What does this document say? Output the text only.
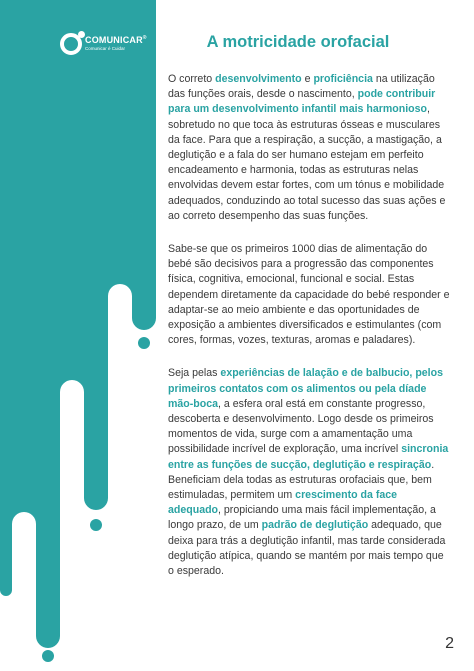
COMUNICAR®
Comunicar é Cuidar	A motricidade orofacial

O correto desenvolvimento e proficiência na utilização das funções orais, desde o nascimento, pode contribuir para um desenvolvimento infantil mais harmonioso, sobretudo no que toca às estruturas ósseas e musculares da face. Para que a respiração, a sucção, a mastigação, a deglutição e a fala do ser humano estejam em perfeito encadeamento e harmonia, todas as estruturas nelas envolvidas devem estar fortes, com um tónus e mobilidade adequados, conduzindo ao total sucesso das suas ações e ao correto desempenho das suas funções.

Sabe-se que os primeiros 1000 dias de alimentação do bebé são decisivos para a progressão das componentes física, cognitiva, emocional, funcional e social. Estas dependem diretamente da capacidade do bebé responder e adaptar-se ao meio ambiente e das oportunidades de exposição a ambientes diversificados e estimulantes (com cores, formas, vozes, texturas, aromas e paladares).

Seja pelas experiências de lalação e de balbucio, pelos primeiros contatos com os alimentos ou pela díade mão-boca, a esfera oral está em constante progresso, descoberta e desenvolvimento. Logo desde os primeiros momentos de vida, surge com a amamentação uma possibilidade incrível de exploração, uma incrível sincronia entre as funções de sucção, deglutição e respiração. Beneficiam dela todas as estruturas orofaciais que, bem estimuladas, permitem um crescimento da face adequado, propiciando uma mais fácil implementação, a longo prazo, de um padrão de deglutição adequado, que deixa para trás a deglutição infantil, mas tarde considerada deglutição atípica, quando se mantém por mais tempo que o esperado.

2
